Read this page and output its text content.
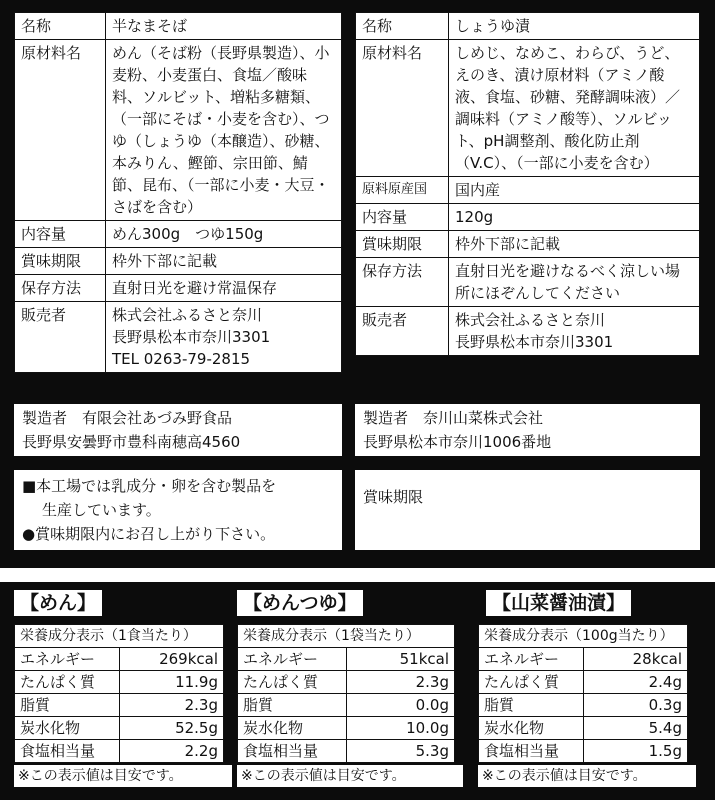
名称	半なまそば
原材料名	めん（そば粉（長野県製造）、小麦粉、小麦蛋白、食塩／酸味料、ソルビット、増粘多糖類、（一部にそば・小麦を含む）、つゆ（しょうゆ（本醸造）、砂糖、本みりん、鰹節、宗田節、鯖節、昆布、（一部に小麦・大豆・さばを含む）
内容量	めん300g　つゆ150g
賞味期限	枠外下部に記載
保存方法	直射日光を避け常温保存
販売者	株式会社ふるさと奈川
長野県松本市奈川3301
TEL 0263-79-2815
名称	しょうゆ漬
原材料名	しめじ、なめこ、わらび、うど、えのき、漬け原材料（アミノ酸液、食塩、砂糖、発酵調味液）／調味料（アミノ酸等）、ソルビット、pH調整剤、酸化防止剤（V.C）、（一部に小麦を含む）
原料原産国	国内産
内容量	120g
賞味期限	枠外下部に記載
保存方法	直射日光を避けなるべく涼しい場所にほぞんしてください
販売者	株式会社ふるさと奈川
長野県松本市奈川3301
製造者　有限会社あづみ野食品
長野県安曇野市豊科南穂高4560
製造者　奈川山菜株式会社
長野県松本市奈川1006番地
■本工場では乳成分・卵を含む製品を
生産しています。
●賞味期限内にお召し上がり下さい。
賞味期限
【めん】
栄養成分表示（1食当たり）	
エネルギー	269kcal
たんぱく質	11.9g
脂質	2.3g
炭水化物	52.5g
食塩相当量	2.2g
※この表示値は目安です。
【めんつゆ】
栄養成分表示（1袋当たり）	
エネルギー	51kcal
たんぱく質	2.3g
脂質	0.0g
炭水化物	10.0g
食塩相当量	5.3g
※この表示値は目安です。
【山菜醤油漬】
栄養成分表示（100g当たり）	
エネルギー	28kcal
たんぱく質	2.4g
脂質	0.3g
炭水化物	5.4g
食塩相当量	1.5g
※この表示値は目安です。
